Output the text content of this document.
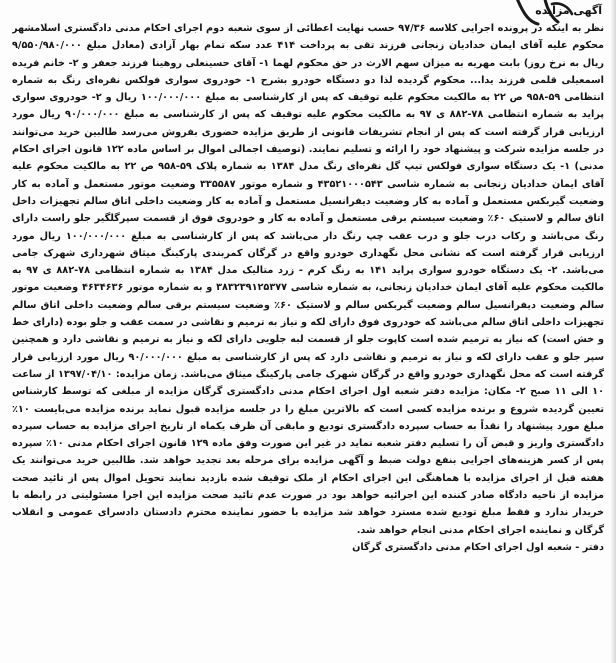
آگهی مزایده

نظر به اینکه در پرونده اجرایی کلاسه ۹۷/۳۶ حسب نهایت اعطائی از سوی شعبه دوم اجرای احکام مدنی دادگستری اسلامشهر محکوم علیه آقای ایمان خدادیان زنجانی فرزند تقی به پرداخت ۴۱۴ عدد سکه تمام بهار آزادی (معادل مبلغ ۹/۵۵۰/۹۸۰/۰۰۰ ریال به نرخ روز) بابت مهریه به میزان سهم الارث در حق محکوم لهما ۱- آقای حسینعلی روهینا فرزند جعفر و ۲- خانم فریده اسمعیلی قلمی فرزند یدا... محکوم گردیده لذا دو دستگاه خودرو بشرح ۱- خودروی سواری فولکس نقره‌ای رنگ به شماره انتظامی ۵۹-۹۵۸ ص ۲۲ به مالکیت محکوم علیه توقیف که پس از کارشناسی به مبلغ ۱۰۰/۰۰۰/۰۰۰ ریال و ۲- خودروی سواری پراید به شماره انتظامی ۷۸-۸۸۲ ی ۹۷ به مالکیت محکوم علیه توقیف که پس از کارشناسی به مبلغ ۹۰/۰۰۰/۰۰۰ ریال مورد ارزیابی قرار گرفته است که پس از انجام تشریفات قانونی از طریق مزایده حضوری بفروش می‌رسد طالبین خرید می‌توانند در جلسه مزایده شرکت و پیشنهاد خود را ارائه و تسلیم نمایند. (توصیف اجمالی اموال بر اساس ماده ۱۲۲ قانون اجرای احکام مدنی) ۱- یک دستگاه سواری فولکس تیپ گل نقره‌ای رنگ مدل ۱۳۸۴ به شماره پلاک ۵۹-۹۵۸ ص ۲۲ به مالکیت محکوم علیه آقای ایمان خدادیان زنجانی به شماره شاسی ۴۳۵۲۱۰۰۰۵۴۳ و شماره موتور ۳۳۵۵۸۷ وضعیت موتور مستعمل و آماده به کار وضعیت گیربکس مستعمل و آماده به کار وضعیت دیفرانسیل مستعمل و آماده به کار وضعیت داخلی اتاق سالم تجهیزات داخل اتاق سالم و لاستیک ۶۰٪ وضعیت سیستم برقی مستعمل و آماده به کار و خودروی فوق از قسمت سپرگلگیر جلو راست دارای رنگ می‌باشد و رکاب درب جلو و درب عقب چپ رنگ دار می‌باشد که پس از کارشناسی به مبلغ ۱۰۰/۰۰۰/۰۰۰ ریال مورد ارزیابی قرار گرفته است که نشانی محل نگهداری خودرو واقع در گرگان کمربندی پارکینگ میثاق شهرداری شهرک جامی می‌باشد. ۲- یک دستگاه خودرو سواری پراید ۱۴۱ به رنگ کرم - زرد متالیک مدل ۱۳۸۴ به شماره انتظامی ۷۸-۸۸۲ ی ۹۷ به مالکیت محکوم علیه آقای ایمان خدادیان زنجانی، به شماره شاسی ۳۸۳۲۳۹۱۲۵۳۷۷ و به شماره موتور ۴۶۳۴۶۳۶ وضعیت موتور سالم وضعیت دیفرانسیل سالم وضعیت گیربکس سالم و لاستیک ۶۰٪ وضعیت سیستم برقی سالم وضعیت داخلی اتاق سالم تجهیزات داخلی اتاق سالم می‌باشد که خودروی فوق دارای لکه و نیاز به ترمیم و نقاشی در سمت عقب و جلو بوده (دارای خط و خش است) که نیاز به ترمیم شده است کاپوت جلو از قسمت لبه جلویی دارای لکه و نیاز به ترمیم و نقاشی دارد و همچنین سپر جلو و عقب دارای لکه و نیاز به ترمیم و نقاشی دارد که پس از کارشناسی به مبلغ ۹۰/۰۰۰/۰۰۰ ریال مورد ارزیابی قرار گرفته است که محل نگهداری خودرو واقع در گرگان شهرک جامی پارکینگ میثاق می‌باشد. زمان مزایده: ۱۳۹۷/۰۴/۱۰ از ساعت ۱۰ الی ۱۱ صبح ۲- مکان: مزایده دفتر شعبه اول اجرای احکام مدنی دادگستری گرگان مزایده از مبلغی که توسط کارشناس تعیین گردیده شروع و برنده مزایده کسی است که بالاترین مبلغ را در جلسه مزایده قبول نماید برنده مزایده می‌بایست ۱۰٪ مبلغ مورد پیشنهاد را نقداً به حساب سپرده دادگستری تودیع و مابقی آن ظرف یکماه از تاریخ اجرای مزایده به حساب سپرده دادگستری واریز و قبض آن را تسلیم دفتر شعبه نماید در غیر این صورت وفق ماده ۱۲۹ قانون اجرای احکام مدنی ۱۰٪ سپرده پس از کسر هزینه‌های اجرایی بنفع دولت ضبط و آگهی مزایده برای مرحله بعد تجدید خواهد شد. طالبین خرید می‌توانند یک هفته قبل از اجرای مزایده با هماهنگی این اجرای احکام از ملک توقیف شده بازدید نمایند تحویل اموال پس از تائید صحت مزایده از ناحیه دادگاه صادر کننده این اجرائیه خواهد بود در صورت عدم تائید صحت مزایده این اجرا مسئولیتی در رابطه با خریدار ندارد و فقط مبلغ تودیع شده مسترد خواهد شد مزایده با حضور نماینده محترم دادستان دادسرای عمومی و انقلاب گرگان و نماینده اجرای احکام مدنی انجام خواهد شد.

دفتر - شعبه اول اجرای احکام مدنی دادگستری گرگان
